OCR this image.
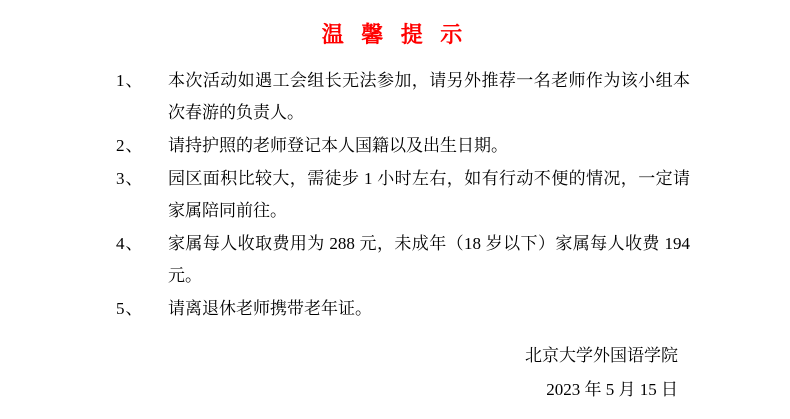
温 馨 提 示
1、	本次活动如遇工会组长无法参加，请另外推荐一名老师作为该小组本次春游的负责人。
2、	请持护照的老师登记本人国籍以及出生日期。
3、	园区面积比较大，需徒步 1 小时左右，如有行动不便的情况，一定请家属陪同前往。
4、	家属每人收取费用为 288 元，未成年（18 岁以下）家属每人收费 194 元。
5、	请离退休老师携带老年证。
北京大学外国语学院
2023 年 5 月 15 日
